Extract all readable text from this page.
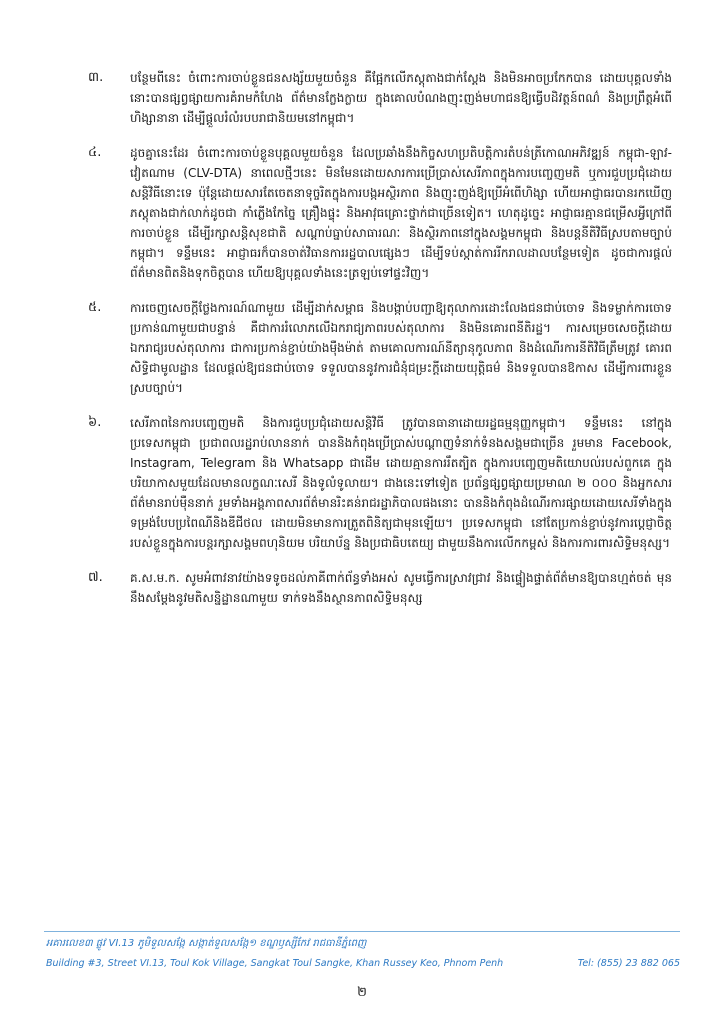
៣.	បន្ថែមពីនេះ ចំពោះការចាប់ខ្លួនជនសង្ស័យមួយចំនួន គឺផ្អែកលើភស្តុតាងជាក់ស្តែង និងមិនអាចប្រកែកបាន ដោយបុគ្គលទាំងនោះបានផ្សព្វផ្សាយការគំរាមកំហែង ព័ត៌មានក្លែងក្លាយ ក្នុងគោលបំណងញុះញង់មហាជនឱ្យធ្វើបដិវត្តន៍ពណ៌ និងប្រព្រឹត្តអំពើហិង្សានានា ដើម្បីផ្តួលរំលំរបបរាជានិយមនៅកម្ពុជា។
៤.	ដូចគ្នានេះដែរ ចំពោះការចាប់ខ្លួនបុគ្គលមួយចំនួន ដែលប្រឆាំងនឹងកិច្ចសហប្រតិបត្តិការតំបន់ត្រីកោណអភិវឌ្ឍន៍ កម្ពុជា-ឡាវ-វៀតណាម (CLV-DTA) នាពេលថ្មីៗនេះ មិនមែនដោយសារការប្រើប្រាស់សេរីភាពក្នុងការបញ្ចេញមតិ ឬការជួបប្រជុំដោយសន្តិវិធីនោះទេ ប៉ុន្តែដោយសារតែចេតនាទុច្ចរិតក្នុងការបង្កអស្ថិរភាព និងញុះញង់ឱ្យប្រើអំពើហិង្សា ហើយអាជ្ញាធរបានរកឃើញភស្តុតាងជាក់លាក់ដូចជា កាំភ្លើងកែច្នៃ គ្រឿងផ្ទុះ និងអាវុធគ្រោះថ្នាក់ជាច្រើនទៀត។ ហេតុដូច្នេះ អាជ្ញាធរគ្មានជម្រើសអ្វីក្រៅពីការចាប់ខ្លួន ដើម្បីរក្សាសន្តិសុខជាតិ សណ្តាប់ធ្នាប់សាធារណៈ និងស្ថិរភាពនៅក្នុងសង្គមកម្ពុជា និងបន្តនីតិវិធីស្របតាមច្បាប់កម្ពុជា។ ទន្ទឹមនេះ អាជ្ញាធរក៏បានចាត់វិធានការរដ្ឋបាលផ្សេងៗ ដើម្បីទប់ស្កាត់ការរីករាលដាលបន្ថែមទៀត ដូចជាការផ្តល់ព័ត៌មានពិតនិងទុកចិត្តបាន ហើយឱ្យបុគ្គលទាំងនេះត្រឡប់ទៅផ្ទះវិញ។
៥.	ការចេញសេចក្តីថ្លែងការណ៍ណាមួយ ដើម្បីដាក់សម្ពាធ និងបង្កាប់បញ្ជាឱ្យតុលាការដោះលែងជនជាប់ចោទ និងទម្លាក់ការចោទប្រកាន់ណាមួយជាបន្ទាន់ គឺជាការរំលោភលើឯករាជ្យភាពរបស់តុលាការ និងមិនគោរពនីតិរដ្ឋ។ ការសម្រេចសេចក្តីដោយឯករាជ្យរបស់តុលាការ ជាការប្រកាន់ខ្ជាប់យ៉ាងម៉ឺងម៉ាត់ តាមគោលការណ៍នីត្យានុកូលភាព និងដំណើរការនីតិវិធីត្រឹមត្រូវ គោរពសិទ្ធិជាមូលដ្ឋាន ដែលផ្តល់ឱ្យជនជាប់ចោទ ទទួលបាននូវការជំនុំជម្រះក្តីដោយយុត្តិធម៌ និងទទួលបានឱកាស ដើម្បីការពារខ្លួនស្របច្បាប់។
៦.	សេរីភាពនៃការបញ្ចេញមតិ និងការជួបប្រជុំដោយសន្តិវិធី ត្រូវបានធានាដោយរដ្ឋធម្មនុញ្ញកម្ពុជា។ ទន្ទឹមនេះ នៅក្នុងប្រទេសកម្ពុជា ប្រជាពលរដ្ឋរាប់លាននាក់ បាននិងកំពុងប្រើប្រាស់បណ្តាញទំនាក់ទំនងសង្គមជាច្រើន រួមមាន Facebook, Instagram, Telegram និង Whatsapp ជាដើម ដោយគ្មានការរឹតត្បិត ក្នុងការបញ្ចេញមតិយោបល់របស់ពួកគេ ក្នុងបរិយាកាសមួយដែលមានលក្ខណៈសេរី និងទូលំទូលាយ។ ជាងនេះទៅទៀត ប្រព័ន្ធផ្សព្វផ្សាយប្រមាណ ២ ០០០ និងអ្នកសារព័ត៌មានរាប់ម៉ឺននាក់ រួមទាំងអង្គភាពសារព័ត៌មានរិះគន់រាជរដ្ឋាភិបាលផងនោះ បាននិងកំពុងដំណើរការផ្សាយដោយសេរីទាំងក្នុងទម្រង់បែបប្រពៃណីនិងឌីជីថល ដោយមិនមានការត្រួតពិនិត្យជាមុនឡើយ។ ប្រទេសកម្ពុជា នៅតែប្រកាន់ខ្ជាប់នូវការប្តេជ្ញាចិត្តរបស់ខ្លួនក្នុងការបន្តរក្សាសង្គមពហុនិយម បរិយាប័ន្ន និងប្រជាធិបតេយ្យ ជាមួយនឹងការលើកកម្ពស់ និងការការពារសិទ្ធិមនុស្ស។
៧.	គ.ស.ម.ក. សូមអំពាវនាវយ៉ាងទទូចដល់ភាគីពាក់ព័ន្ធទាំងអស់ សូមធ្វើការស្រាវជ្រាវ និងផ្ទៀងផ្ទាត់ព័ត៌មានឱ្យបានហ្មត់ចត់ មុននឹងសម្តែងនូវមតិសន្និដ្ឋានណាមួយ ទាក់ទងនឹងស្ថានភាពសិទ្ធិមនុស្ស
អគារលេខ៣ ផ្លូវ VI.13 ភូមិទួលសង្កែ សង្កាត់ទួលសង្កែ១ ខណ្ឌឫស្សីកែវ រាជធានីភ្នំពេញ
Building #3, Street VI.13, Toul Kok Village, Sangkat Toul Sangke, Khan Russey Keo, Phnom Penh	Tel: (855) 23 882 065
២
